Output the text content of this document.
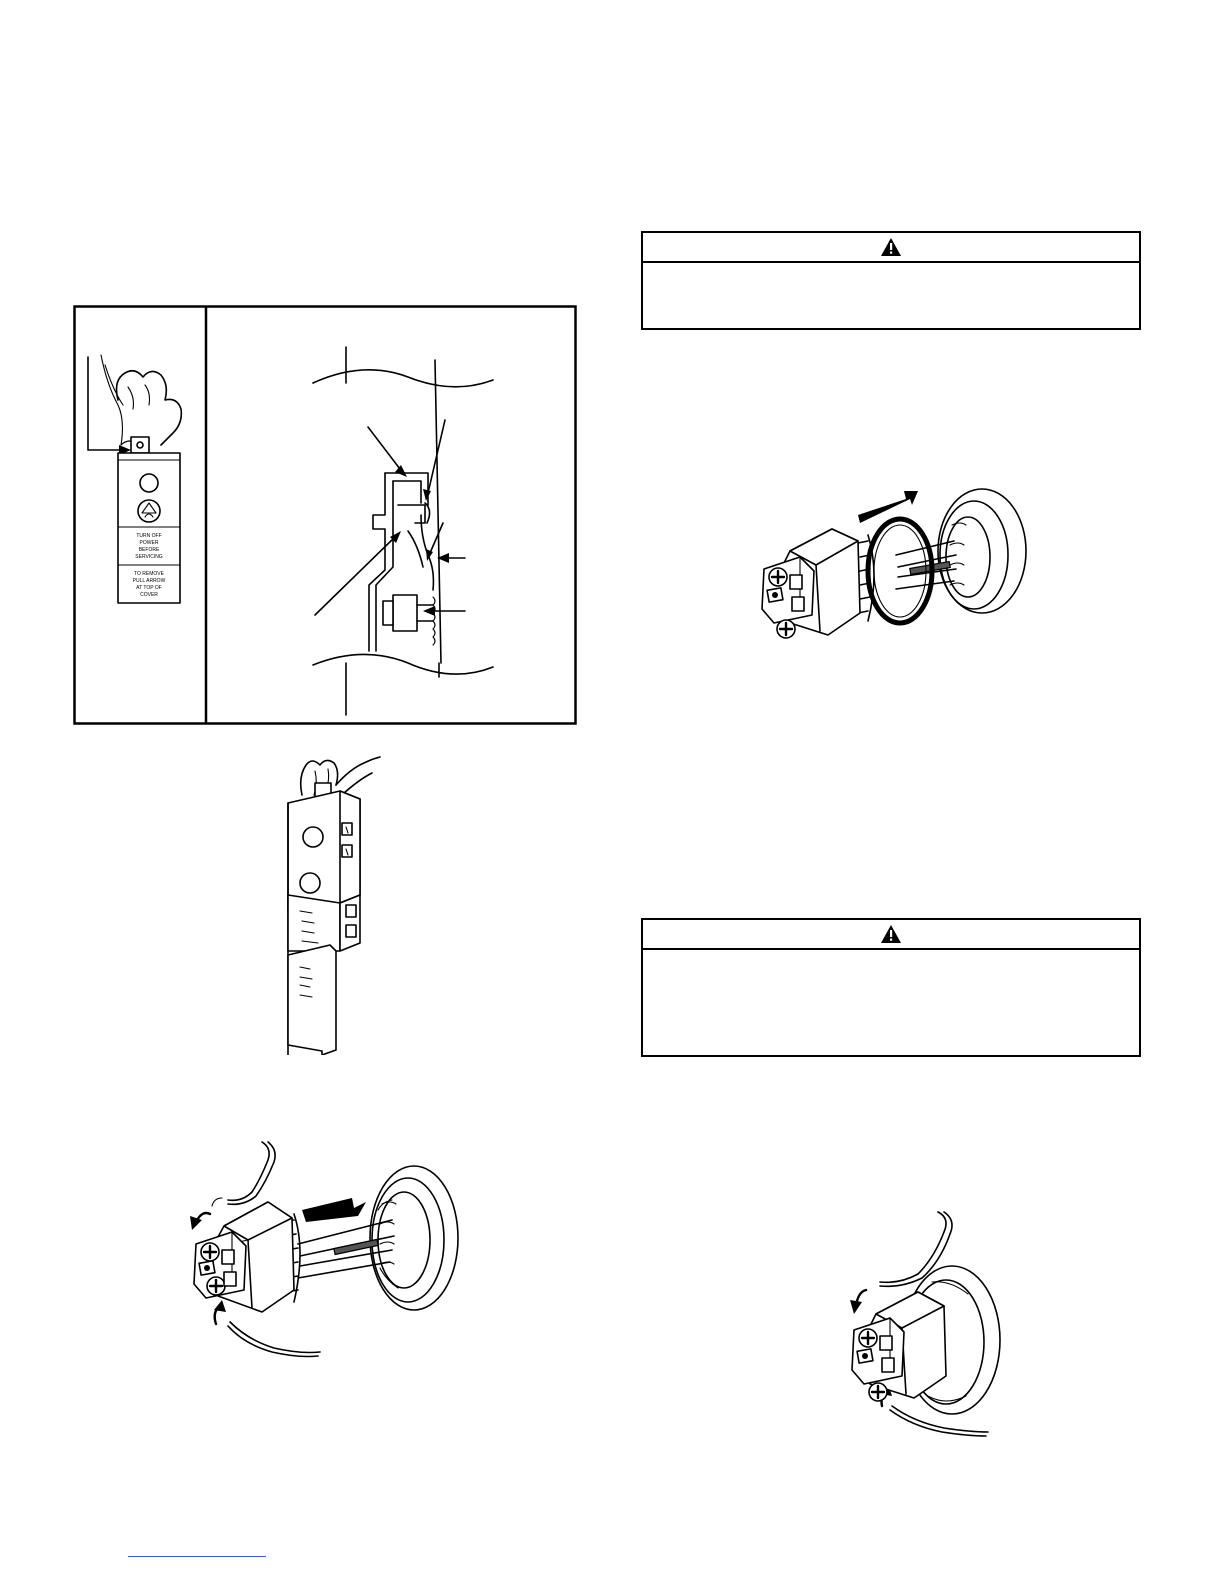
TURN OFF
POWER
BEFORE
SERVICING
TO REMOVE
PULL ARROW
AT TOP OF
COVER
